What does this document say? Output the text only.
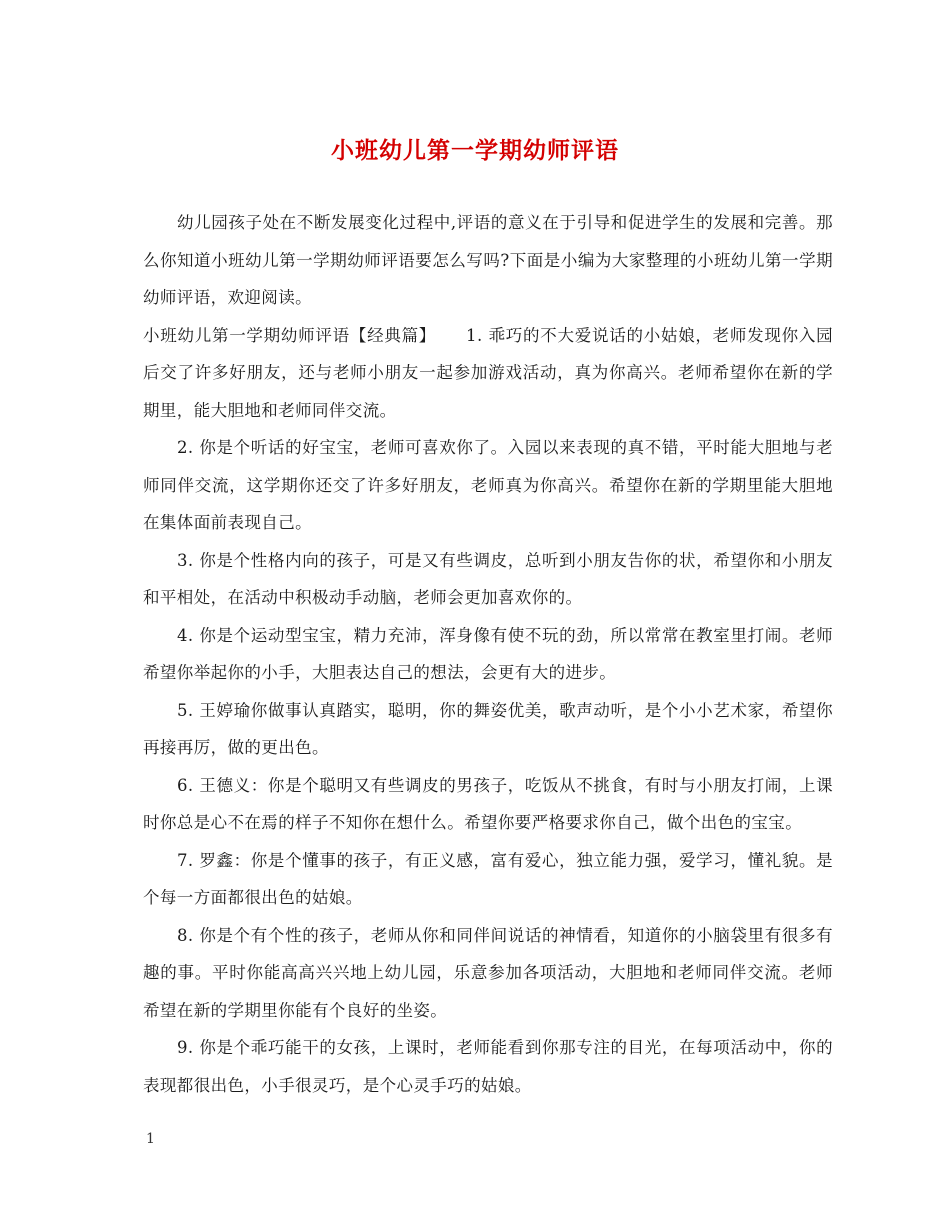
小班幼儿第一学期幼师评语

幼儿园孩子处在不断发展变化过程中,评语的意义在于引导和促进学生的发展和完善。那么你知道小班幼儿第一学期幼师评语要怎么写吗?下面是小编为大家整理的小班幼儿第一学期幼师评语，欢迎阅读。

小班幼儿第一学期幼师评语【经典篇】 1. 乖巧的不大爱说话的小姑娘，老师发现你入园后交了许多好朋友，还与老师小朋友一起参加游戏活动，真为你高兴。老师希望你在新的学期里，能大胆地和老师同伴交流。

2. 你是个听话的好宝宝，老师可喜欢你了。入园以来表现的真不错，平时能大胆地与老师同伴交流，这学期你还交了许多好朋友，老师真为你高兴。希望你在新的学期里能大胆地在集体面前表现自己。

3. 你是个性格内向的孩子，可是又有些调皮，总听到小朋友告你的状，希望你和小朋友和平相处，在活动中积极动手动脑，老师会更加喜欢你的。

4. 你是个运动型宝宝，精力充沛，浑身像有使不玩的劲，所以常常在教室里打闹。老师希望你举起你的小手，大胆表达自己的想法，会更有大的进步。

5. 王婷瑜你做事认真踏实，聪明，你的舞姿优美，歌声动听，是个小小艺术家，希望你再接再厉，做的更出色。

6. 王德义：你是个聪明又有些调皮的男孩子，吃饭从不挑食，有时与小朋友打闹，上课时你总是心不在焉的样子不知你在想什么。希望你要严格要求你自己，做个出色的宝宝。

7. 罗鑫：你是个懂事的孩子，有正义感，富有爱心，独立能力强，爱学习，懂礼貌。是个每一方面都很出色的姑娘。

8. 你是个有个性的孩子，老师从你和同伴间说话的神情看，知道你的小脑袋里有很多有趣的事。平时你能高高兴兴地上幼儿园，乐意参加各项活动，大胆地和老师同伴交流。老师希望在新的学期里你能有个良好的坐姿。

9. 你是个乖巧能干的女孩，上课时，老师能看到你那专注的目光，在每项活动中，你的表现都很出色，小手很灵巧，是个心灵手巧的姑娘。

1
